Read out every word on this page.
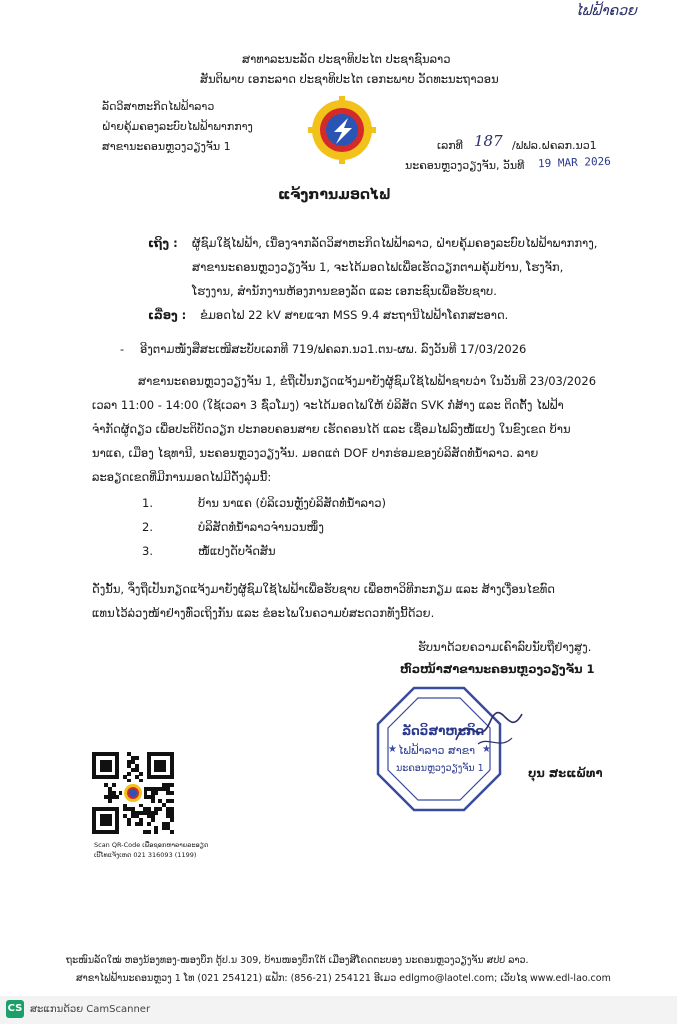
ໄຟຟ້າຄວຍ
ສາທາລະນະລັດ ປະຊາທິປະໄຕ ປະຊາຊົນລາວ
ສັນຕິພາບ ເອກະລາດ ປະຊາທິປະໄຕ ເອກະພາບ ວັດທະນະຖາວອນ
ລັດວິສາຫະກິດໄຟຟ້າລາວ
ຝ່າຍຄຸ້ມຄອງລະບົບໄຟຟ້າພາກກາງ
ສາຂານະຄອນຫຼວງວຽງຈັນ 1	ເລກທີ 187 /ຟຟລ.ຝຄລກ.ນວ1
ນະຄອນຫຼວງວຽງຈັນ, ວັນທີ 19 MAR 2026
ແຈ້ງການມອດໄຟ
ເຖິງ : ຜູ້ຊົມໃຊ້ໄຟຟ້າ, ເນື່ອງຈາກລັດວິສາຫະກິດໄຟຟ້າລາວ, ຝ່າຍຄຸ້ມຄອງລະບົບໄຟຟ້າພາກກາງ,
ສາຂານະຄອນຫຼວງວຽງຈັນ 1, ຈະໄດ້ມອດໄຟເພື່ອເຮັດວຽກຕາມຄຸ້ມບ້ານ, ໂຮງຈັກ,
ໂຮງງານ, ສໍານັກງານຫ້ອງການຂອງລັດ ແລະ ເອກະຊົນເພື່ອຮັບຊາບ.
ເລື່ອງ : ຂໍມອດໄຟ 22 kV ສາຍແຈກ MSS 9.4 ສະຖານີໄຟຟ້າໂຄກສະອາດ.
- ອີງຕາມໜັງສືສະເໜີສະບັບເລກທີ 719/ຟຄລກ.ນວ1.ຕນ-ຜພ. ລົງວັນທີ 17/03/2026
ສາຂານະຄອນຫຼວງວຽງຈັນ 1, ຂໍຖືເປັນກຽດແຈ້ງມາຍັງຜູ້ຊົມໃຊ້ໄຟຟ້າຊາບວ່າ ໃນວັນທີ 23/03/2026
ເວລາ 11:00 - 14:00 (ໃຊ້ເວລາ 3 ຊົ່ວໂມງ) ຈະໄດ້ມອດໄຟໃຫ້ ບໍລິສັດ SVK ກໍ່ສ້າງ ແລະ ຕິດຕັ້ງ ໄຟຟ້າ
ຈໍາກັດຜູ້ດຽວ ເພື່ອປະຕິບັດວຽກ ປະກອບຄອນສາຍ ເຮັດຄອນໄດ້ ແລະ ເຊື່ອມໄຟລົງໜໍ້ແປງ ໃນຂົງເຂດ ບ້ານ
ນາແຄ, ເມືອງ ໄຊທານີ, ນະຄອນຫຼວງວຽງຈັນ. ມອດແຕ່ DOF ປາກຮ່ອມຂອງບໍລິສັດທໍ່ນໍ້າລາວ. ລາຍ
ລະອຽດເຂດທີ່ມີການມອດໄຟມີດັ່ງລຸ່ມນີ້:
1.	ບ້ານ ນາແຄ (ບໍລິເວນຫຼັງບໍລິສັດທໍ່ນໍ້າລາວ)
2.	ບໍລິສັດທໍ່ນໍ້າລາວຈໍານວນໜຶ່ງ
3.	ໜໍ້ແປງດັບຈັດສັນ
ດັ່ງນັ້ນ, ຈຶ່ງຖືເປັນກຽດແຈ້ງມາຍັງຜູ້ຊົມໃຊ້ໄຟຟ້າເພື່ອຮັບຊາບ ເພື່ອຫາວິທີກະກຽມ ແລະ ສ້າງເງື່ອນໄຂທົດ
ແທນໄວ້ລ່ວງໜ້າຢ່າງທົ່ວເຖິງກັນ ແລະ ຂໍອະໄພໃນຄວາມບໍ່ສະດວກທັງນີ້ດ້ວຍ.
ຮັບນາດ້ວຍຄວາມເຄົາລົບນັບຖືຢ່າງສູງ.
ຫົວໜ້າສາຂານະຄອນຫຼວງວຽງຈັນ 1
★	★
ລັດວິສາຫະກິດ
ໄຟຟ້າລາວ ສາຂາ
ນະຄອນຫຼວງວຽງຈັນ 1	ບຸນ ສະແພ້ທາ
Scan QR-Code ເພື່ອຊອກຫາລາຍລະອຽດ
ເບີໂທແຈ້ງເຫດ 021 316093 (1199)
ຖະໜົນລັດໃໝ່ ຫອງນ້ອງທອງ-ໜອງບຶກ ຕູ້ປ.ນ 309, ບ້ານໜອງບຶກໃຕ້ ເມືອງສີໂຄດຕະບອງ ນະຄອນຫຼວງວຽງຈັນ ສປປ ລາວ.
ສາຂາໄຟຟ້ານະຄອນຫຼວງ 1 ໂທ (021 254121) ແຟັກ: (856-21) 254121 ອີເມວ edlgmo@laotel.com; ເວັບໄຊ www.edl-lao.com
CS ສະແກນດ້ວຍ CamScanner
